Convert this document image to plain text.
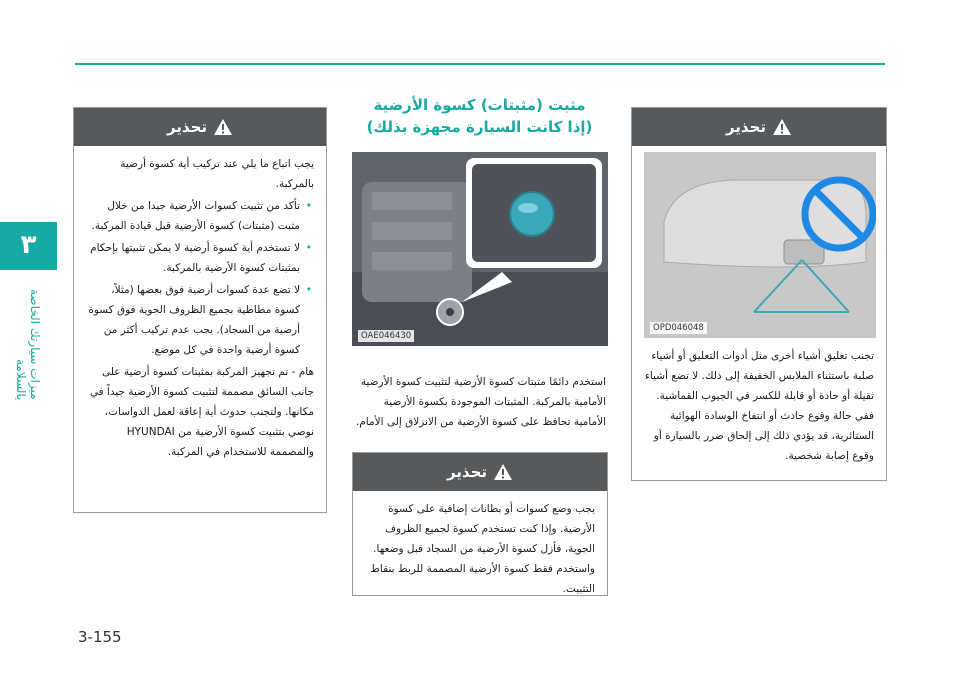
٣
ميزات سيارتك الخاصة بالسلامة
تحذير

يجب اتباع ما يلي عند تركيب أية كسوة أرضية بالمركبة.

• تأكد من تثبيت كسوات الأرضية جيدا من خلال مثبت (مثبتات) كسوة الأرضية قبل قيادة المركبة.
• لا تستخدم أية كسوة أرضية لا يمكن تثبيتها بإحكام بمثبتات كسوة الأرضية بالمركبة.
• لا تضع عدة كسوات أرضية فوق بعضها (مثلاً، كسوة مطاطية بجميع الظروف الجوية فوق كسوة أرضية من السجاد). يجب عدم تركيب أكثر من كسوة أرضية واحدة في كل موضع.

هام - تم تجهيز المركبة بمثبتات كسوة أرضية على جانب السائق مصممة لتثبيت كسوة الأرضية جيداً في مكانها. ولتجنب حدوث أية إعاقة لعمل الدواسات، نوصي بتثبيت كسوة الأرضية من HYUNDAI والمصممة للاستخدام في المركبة.

مثبت (مثبتات) كسوة الأرضية
(إذا كانت السيارة مجهزة بذلك)
OAE046430
استخدم دائمًا مثبتات كسوة الأرضية لتثبيت كسوة الأرضية الأمامية بالمركبة. المثبتات الموجودة بكسوة الأرضية الأمامية تحافظ على كسوة الأرضية من الانزلاق إلى الأمام.
تحذير

يجب وضع كسوات أو بطانات إضافية على كسوة الأرضية. وإذا كنت تستخدم كسوة لجميع الظروف الجوية، فأزل كسوة الأرضية من السجاد قبل وضعها. واستخدم فقط كسوة الأرضية المصممة للربط بنقاط التثبيت.

تحذير
OPD046048

تجنب تعليق أشياء أخرى مثل أدوات التعليق أو أشياء صلبة باستثناء الملابس الخفيفة إلى ذلك. لا تضع أشياء ثقيلة أو حادة أو قابلة للكسر في الجيوب القماشية. ففي حالة وقوع حادث أو انتفاخ الوسادة الهوائية الستائرية، قد يؤدي ذلك إلى إلحاق ضرر بالسيارة أو وقوع إصابة شخصية.

3-155
